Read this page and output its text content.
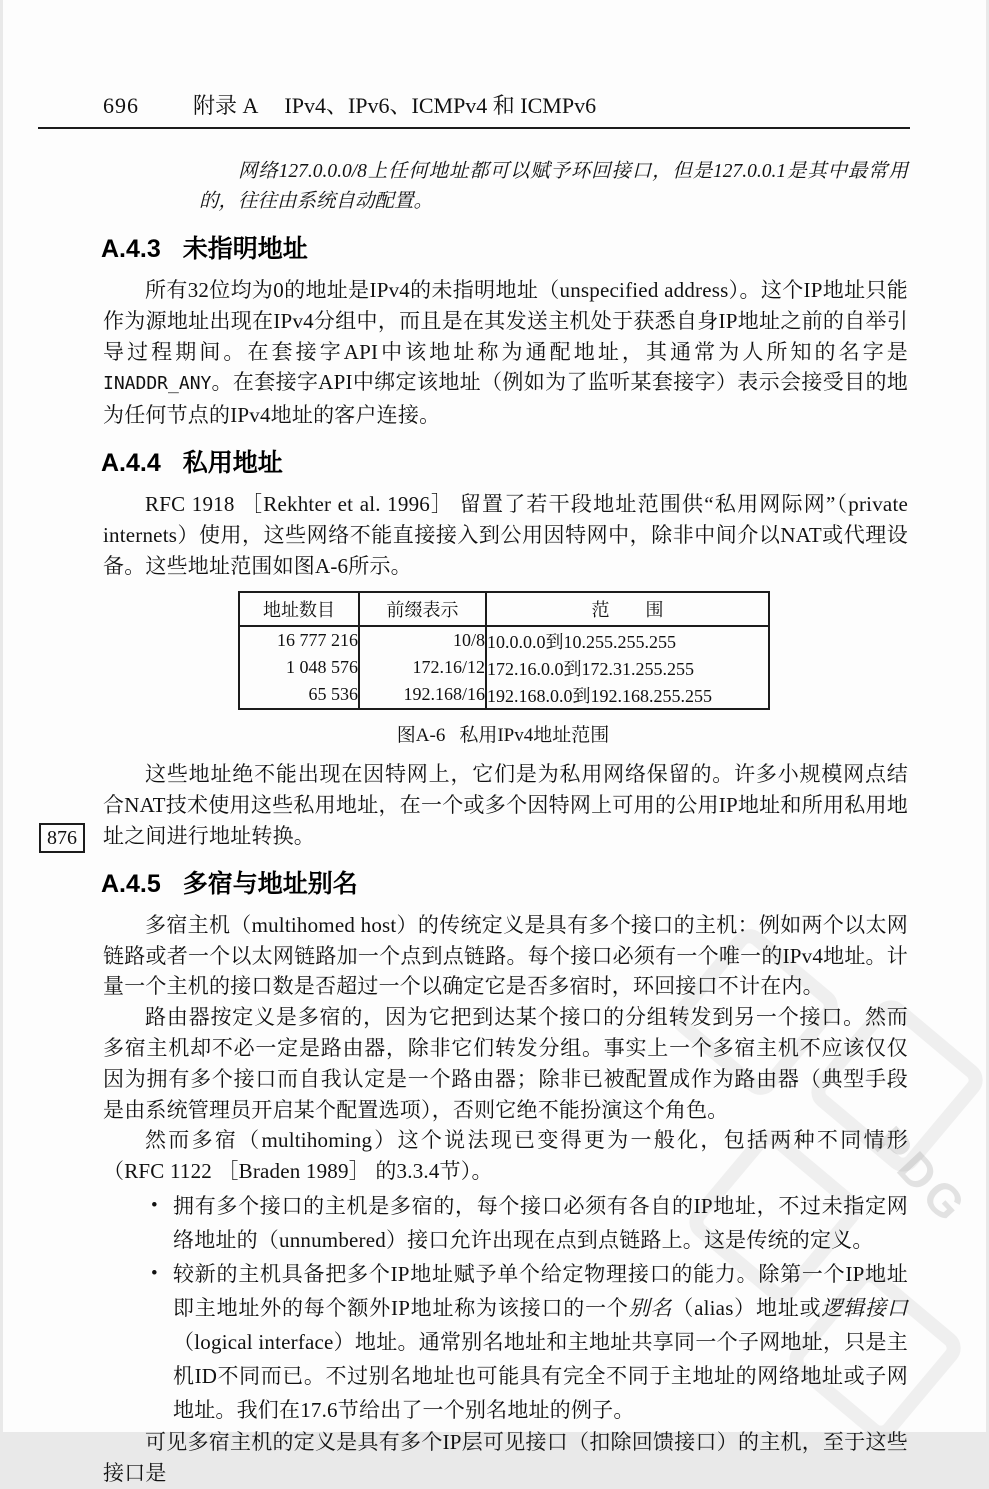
PDG
696	附录 A IPv4、IPv6、ICMPv4 和 ICMPv6
网络127.0.0.0/8上任何地址都可以赋予环回接口，但是127.0.0.1是其中最常用的，往往由系统自动配置。
A.4.3 未指明地址

所有32位均为0的地址是IPv4的未指明地址（unspecified address）。这个IP地址只能作为源地址出现在IPv4分组中，而且是在其发送主机处于获悉自身IP地址之前的自举引导过程期间。在套接字API中该地址称为通配地址，其通常为人所知的名字是INADDR_ANY。在套接字API中绑定该地址（例如为了监听某套接字）表示会接受目的地为任何节点的IPv4地址的客户连接。

A.4.4 私用地址

RFC 1918 ［Rekhter et al. 1996］ 留置了若干段地址范围供“私用网际网”（private internets）使用，这些网络不能直接接入到公用因特网中，除非中间介以NAT或代理设备。这些地址范围如图A-6所示。

地址数目	前缀表示	范　　围
16 777 216	10/8	10.0.0.0到10.255.255.255
1 048 576	172.16/12	172.16.0.0到172.31.255.255
65 536	192.168/16	192.168.0.0到192.168.255.255
图A-6 私用IPv4地址范围
876

这些地址绝不能出现在因特网上，它们是为私用网络保留的。许多小规模网点结合NAT技术使用这些私用地址，在一个或多个因特网上可用的公用IP地址和所用私用地址之间进行地址转换。

A.4.5 多宿与地址别名

多宿主机（multihomed host）的传统定义是具有多个接口的主机：例如两个以太网链路或者一个以太网链路加一个点到点链路。每个接口必须有一个唯一的IPv4地址。计量一个主机的接口数是否超过一个以确定它是否多宿时，环回接口不计在内。

路由器按定义是多宿的，因为它把到达某个接口的分组转发到另一个接口。然而多宿主机却不必一定是路由器，除非它们转发分组。事实上一个多宿主机不应该仅仅因为拥有多个接口而自我认定是一个路由器；除非已被配置成作为路由器（典型手段是由系统管理员开启某个配置选项），否则它绝不能扮演这个角色。

然而多宿（multihoming）这个说法现已变得更为一般化，包括两种不同情形（RFC 1122 ［Braden 1989］ 的3.3.4节）。

• 拥有多个接口的主机是多宿的，每个接口必须有各自的IP地址，不过未指定网络地址的（unnumbered）接口允许出现在点到点链路上。这是传统的定义。
• 较新的主机具备把多个IP地址赋予单个给定物理接口的能力。除第一个IP地址即主地址外的每个额外IP地址称为该接口的一个别名（alias）地址或逻辑接口（logical interface）地址。通常别名地址和主地址共享同一个子网地址，只是主机ID不同而已。不过别名地址也可能具有完全不同于主地址的网络地址或子网地址。我们在17.6节给出了一个别名地址的例子。

可见多宿主机的定义是具有多个IP层可见接口（扣除回馈接口）的主机，至于这些接口是
